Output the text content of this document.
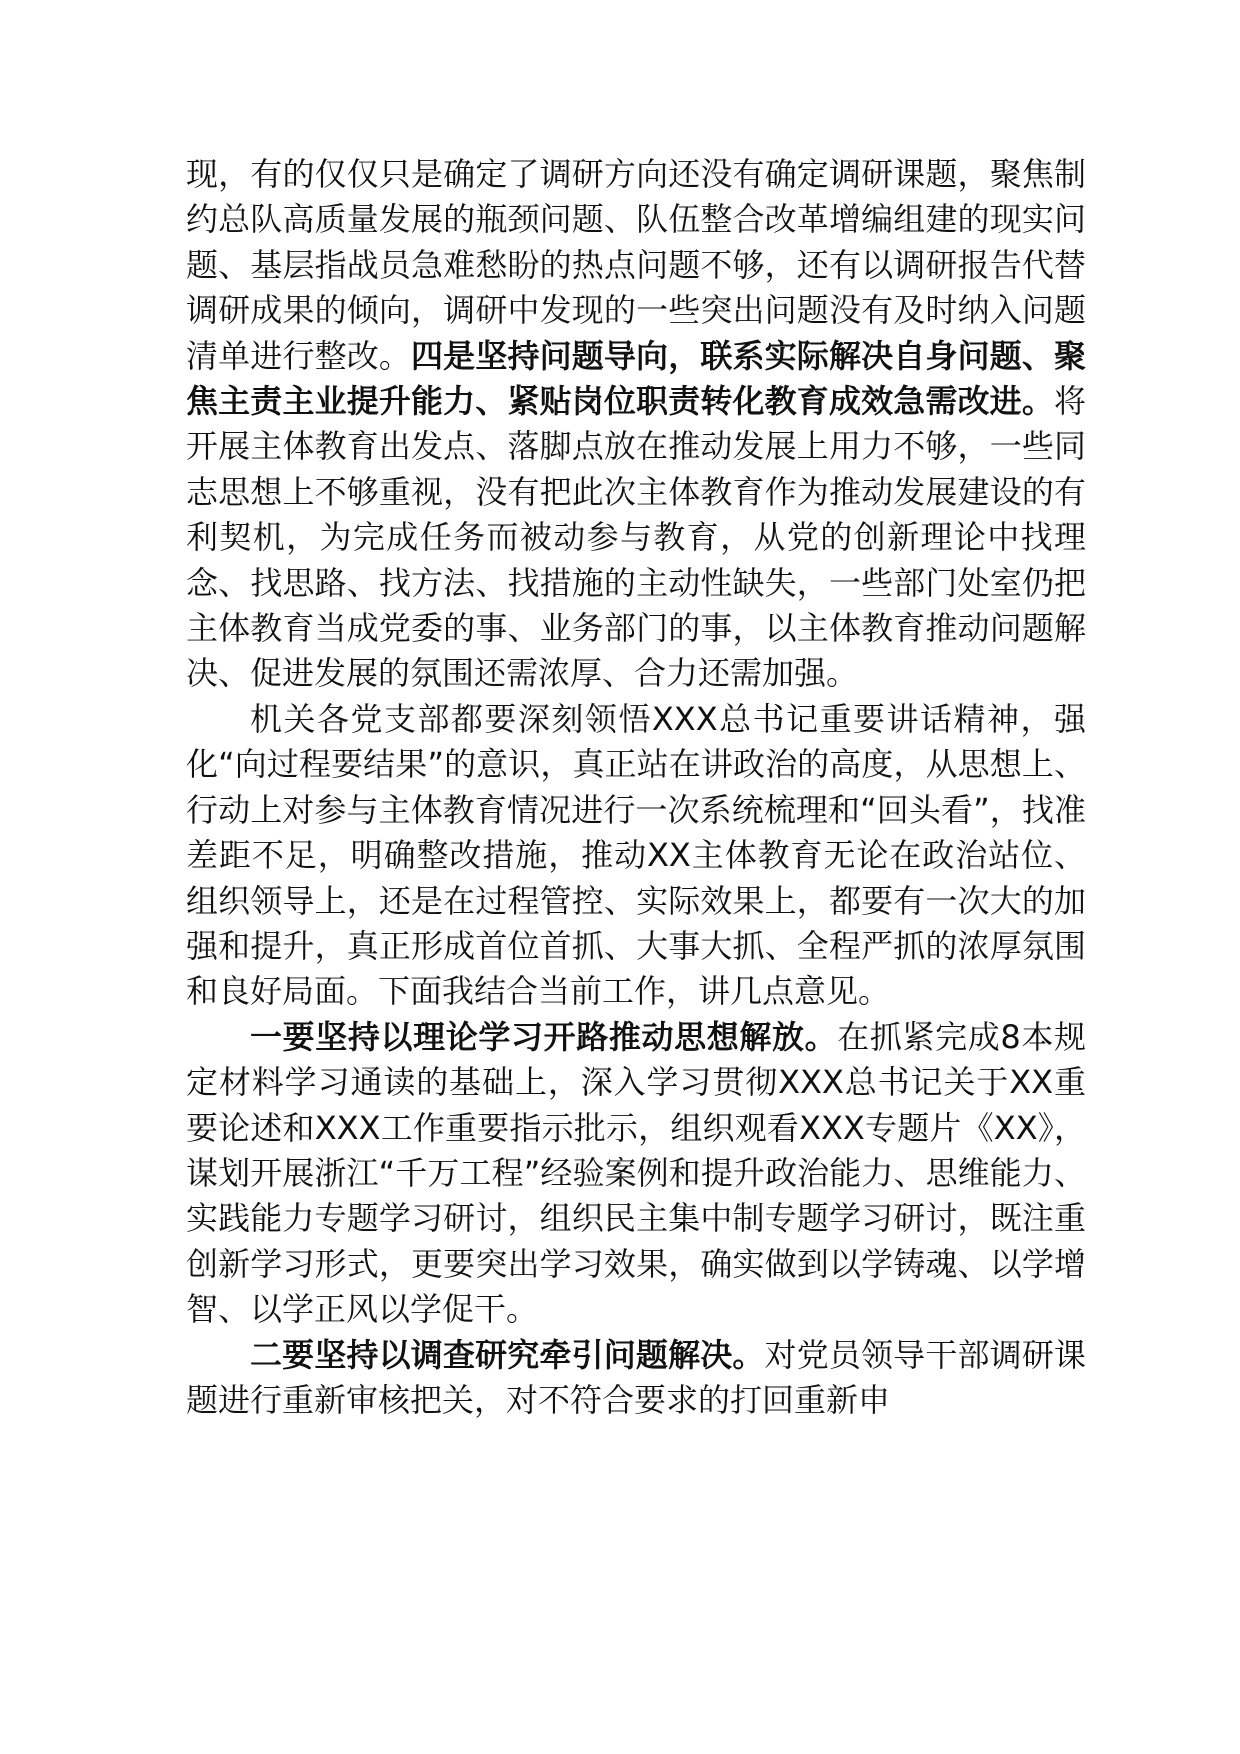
现，有的仅仅只是确定了调研方向还没有确定调研课题，聚焦制约总队高质量发展的瓶颈问题、队伍整合改革增编组建的现实问题、基层指战员急难愁盼的热点问题不够，还有以调研报告代替调研成果的倾向，调研中发现的一些突出问题没有及时纳入问题清单进行整改。四是坚持问题导向，联系实际解决自身问题、聚焦主责主业提升能力、紧贴岗位职责转化教育成效急需改进。将开展主体教育出发点、落脚点放在推动发展上用力不够，一些同志思想上不够重视，没有把此次主体教育作为推动发展建设的有利契机，为完成任务而被动参与教育，从党的创新理论中找理念、找思路、找方法、找措施的主动性缺失，一些部门处室仍把主体教育当成党委的事、业务部门的事，以主体教育推动问题解决、促进发展的氛围还需浓厚、合力还需加强。

机关各党支部都要深刻领悟XXX总书记重要讲话精神，强化“向过程要结果”的意识，真正站在讲政治的高度，从思想上、行动上对参与主体教育情况进行一次系统梳理和“回头看”，找准差距不足，明确整改措施，推动XX主体教育无论在政治站位、组织领导上，还是在过程管控、实际效果上，都要有一次大的加强和提升，真正形成首位首抓、大事大抓、全程严抓的浓厚氛围和良好局面。下面我结合当前工作，讲几点意见。

一要坚持以理论学习开路推动思想解放。在抓紧完成8本规定材料学习通读的基础上，深入学习贯彻XXX总书记关于XX重要论述和XXX工作重要指示批示，组织观看XXX专题片《XX》，谋划开展浙江“千万工程”经验案例和提升政治能力、思维能力、实践能力专题学习研讨，组织民主集中制专题学习研讨，既注重创新学习形式，更要突出学习效果，确实做到以学铸魂、以学增智、以学正风以学促干。

二要坚持以调查研究牵引问题解决。对党员领导干部调研课题进行重新审核把关，对不符合要求的打回重新申
